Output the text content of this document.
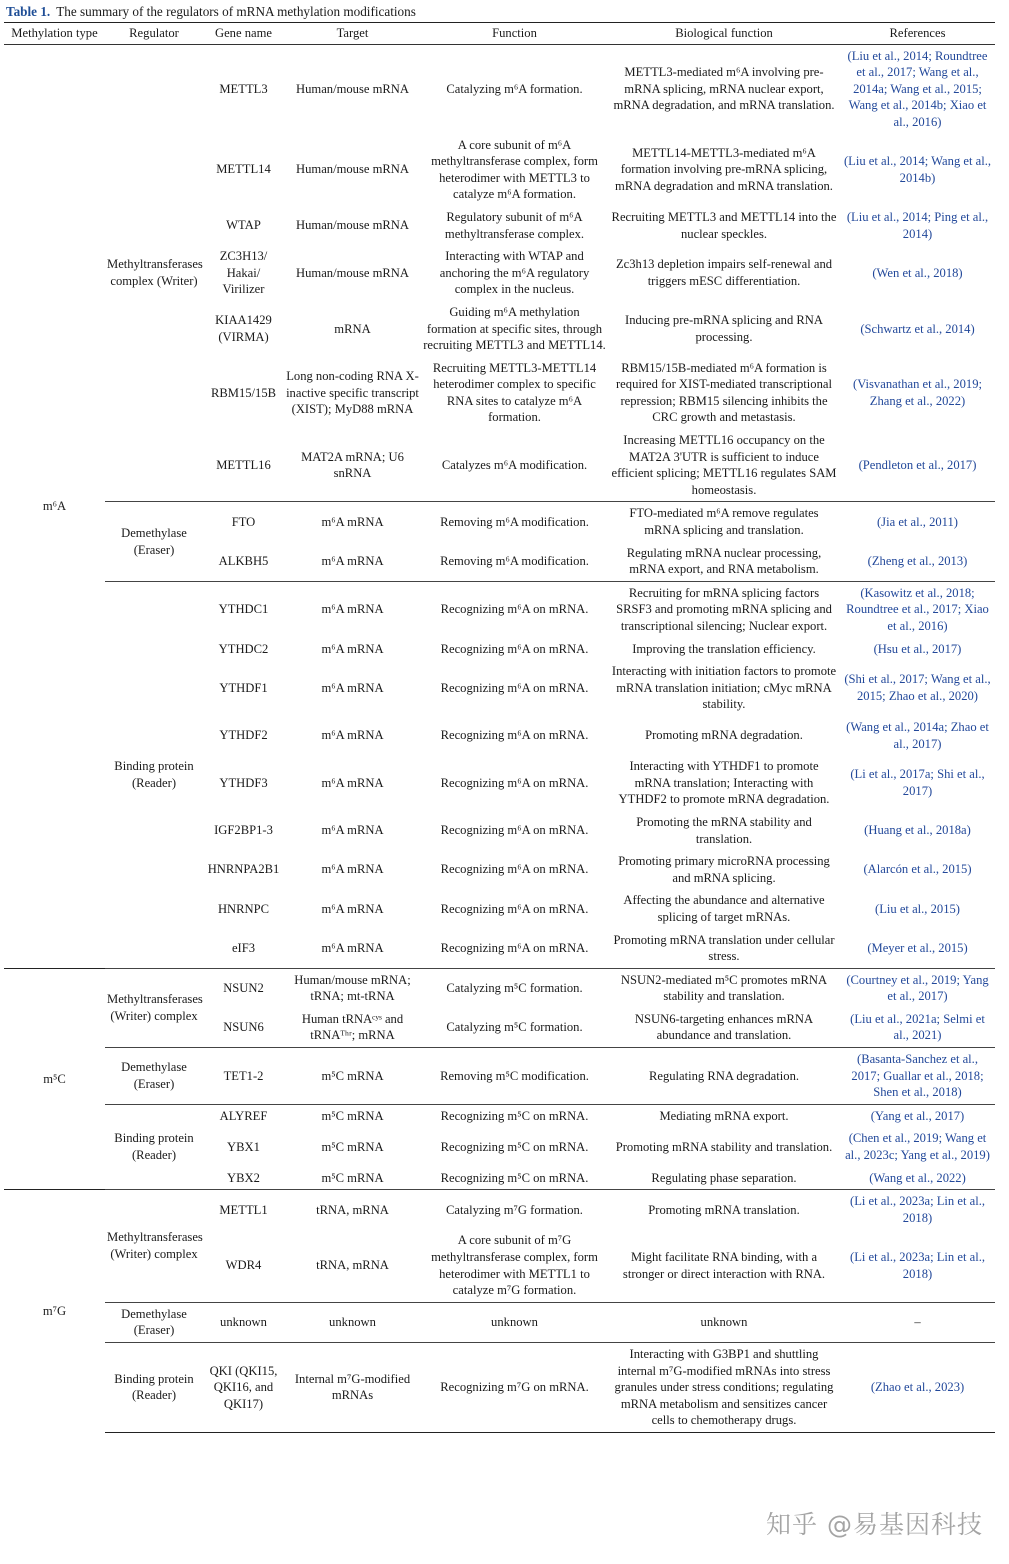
Table 1. The summary of the regulators of mRNA methylation modifications
Methylation type	Regulator	Gene name	Target	Function	Biological function	References
m⁶A	Methyltransferases complex (Writer)	METTL3	Human/mouse mRNA	Catalyzing m⁶A formation.	METTL3-mediated m⁶A involving pre-mRNA splicing, mRNA nuclear export, mRNA degradation, and mRNA translation.	(Liu et al., 2014; Roundtree et al., 2017; Wang et al., 2014a; Wang et al., 2015; Wang et al., 2014b; Xiao et al., 2016)
		METTL14	Human/mouse mRNA	A core subunit of m⁶A methyltransferase complex, form heterodimer with METTL3 to catalyze m⁶A formation.	METTL14-METTL3-mediated m⁶A formation involving pre-mRNA splicing, mRNA degradation and mRNA translation.	(Liu et al., 2014; Wang et al., 2014b)
		WTAP	Human/mouse mRNA	Regulatory subunit of m⁶A methyltransferase complex.	Recruiting METTL3 and METTL14 into the nuclear speckles.	(Liu et al., 2014; Ping et al., 2014)
		ZC3H13/ Hakai/ Virilizer	Human/mouse mRNA	Interacting with WTAP and anchoring the m⁶A regulatory complex in the nucleus.	Zc3h13 depletion impairs self-renewal and triggers mESC differentiation.	(Wen et al., 2018)
		KIAA1429 (VIRMA)	mRNA	Guiding m⁶A methylation formation at specific sites, through recruiting METTL3 and METTL14.	Inducing pre-mRNA splicing and RNA processing.	(Schwartz et al., 2014)
		RBM15/15B	Long non-coding RNA X-inactive specific transcript (XIST); MyD88 mRNA	Recruiting METTL3-METTL14 heterodimer complex to specific RNA sites to catalyze m⁶A formation.	RBM15/15B-mediated m⁶A formation is required for XIST-mediated transcriptional repression; RBM15 silencing inhibits the CRC growth and metastasis.	(Visvanathan et al., 2019; Zhang et al., 2022)
		METTL16	MAT2A mRNA; U6 snRNA	Catalyzes m⁶A modification.	Increasing METTL16 occupancy on the MAT2A 3'UTR is sufficient to induce efficient splicing; METTL16 regulates SAM homeostasis.	(Pendleton et al., 2017)
	Demethylase (Eraser)	FTO	m⁶A mRNA	Removing m⁶A modification.	FTO-mediated m⁶A remove regulates mRNA splicing and translation.	(Jia et al., 2011)
		ALKBH5	m⁶A mRNA	Removing m⁶A modification.	Regulating mRNA nuclear processing, mRNA export, and RNA metabolism.	(Zheng et al., 2013)
	Binding protein (Reader)	YTHDC1	m⁶A mRNA	Recognizing m⁶A on mRNA.	Recruiting for mRNA splicing factors SRSF3 and promoting mRNA splicing and transcriptional silencing; Nuclear export.	(Kasowitz et al., 2018; Roundtree et al., 2017; Xiao et al., 2016)
		YTHDC2	m⁶A mRNA	Recognizing m⁶A on mRNA.	Improving the translation efficiency.	(Hsu et al., 2017)
		YTHDF1	m⁶A mRNA	Recognizing m⁶A on mRNA.	Interacting with initiation factors to promote mRNA translation initiation; cMyc mRNA stability.	(Shi et al., 2017; Wang et al., 2015; Zhao et al., 2020)
		YTHDF2	m⁶A mRNA	Recognizing m⁶A on mRNA.	Promoting mRNA degradation.	(Wang et al., 2014a; Zhao et al., 2017)
		YTHDF3	m⁶A mRNA	Recognizing m⁶A on mRNA.	Interacting with YTHDF1 to promote mRNA translation; Interacting with YTHDF2 to promote mRNA degradation.	(Li et al., 2017a; Shi et al., 2017)
		IGF2BP1-3	m⁶A mRNA	Recognizing m⁶A on mRNA.	Promoting the mRNA stability and translation.	(Huang et al., 2018a)
		HNRNPA2B1	m⁶A mRNA	Recognizing m⁶A on mRNA.	Promoting primary microRNA processing and mRNA splicing.	(Alarcón et al., 2015)
		HNRNPC	m⁶A mRNA	Recognizing m⁶A on mRNA.	Affecting the abundance and alternative splicing of target mRNAs.	(Liu et al., 2015)
		eIF3	m⁶A mRNA	Recognizing m⁶A on mRNA.	Promoting mRNA translation under cellular stress.	(Meyer et al., 2015)
m⁵C	Methyltransferases (Writer) complex	NSUN2	Human/mouse mRNA; tRNA; mt-tRNA	Catalyzing m⁵C formation.	NSUN2-mediated m⁵C promotes mRNA stability and translation.	(Courtney et al., 2019; Yang et al., 2017)
		NSUN6	Human tRNAᶜʸˢ and tRNAᵀʰʳ; mRNA	Catalyzing m⁵C formation.	NSUN6-targeting enhances mRNA abundance and translation.	(Liu et al., 2021a; Selmi et al., 2021)
	Demethylase (Eraser)	TET1-2	m⁵C mRNA	Removing m⁵C modification.	Regulating RNA degradation.	(Basanta-Sanchez et al., 2017; Guallar et al., 2018; Shen et al., 2018)
	Binding protein (Reader)	ALYREF	m⁵C mRNA	Recognizing m⁵C on mRNA.	Mediating mRNA export.	(Yang et al., 2017)
		YBX1	m⁵C mRNA	Recognizing m⁵C on mRNA.	Promoting mRNA stability and translation.	(Chen et al., 2019; Wang et al., 2023c; Yang et al., 2019)
		YBX2	m⁵C mRNA	Recognizing m⁵C on mRNA.	Regulating phase separation.	(Wang et al., 2022)
m⁷G	Methyltransferases (Writer) complex	METTL1	tRNA, mRNA	Catalyzing m⁷G formation.	Promoting mRNA translation.	(Li et al., 2023a; Lin et al., 2018)
		WDR4	tRNA, mRNA	A core subunit of m⁷G methyltransferase complex, form heterodimer with METTL1 to catalyze m⁷G formation.	Might facilitate RNA binding, with a stronger or direct interaction with RNA.	(Li et al., 2023a; Lin et al., 2018)
	Demethylase (Eraser)	unknown	unknown	unknown	unknown	–
	Binding protein (Reader)	QKI (QKI15, QKI16, and QKI17)	Internal m⁷G-modified mRNAs	Recognizing m⁷G on mRNA.	Interacting with G3BP1 and shuttling internal m⁷G-modified mRNAs into stress granules under stress conditions; regulating mRNA metabolism and sensitizes cancer cells to chemotherapy drugs.	(Zhao et al., 2023)
知乎 @易基因科技
